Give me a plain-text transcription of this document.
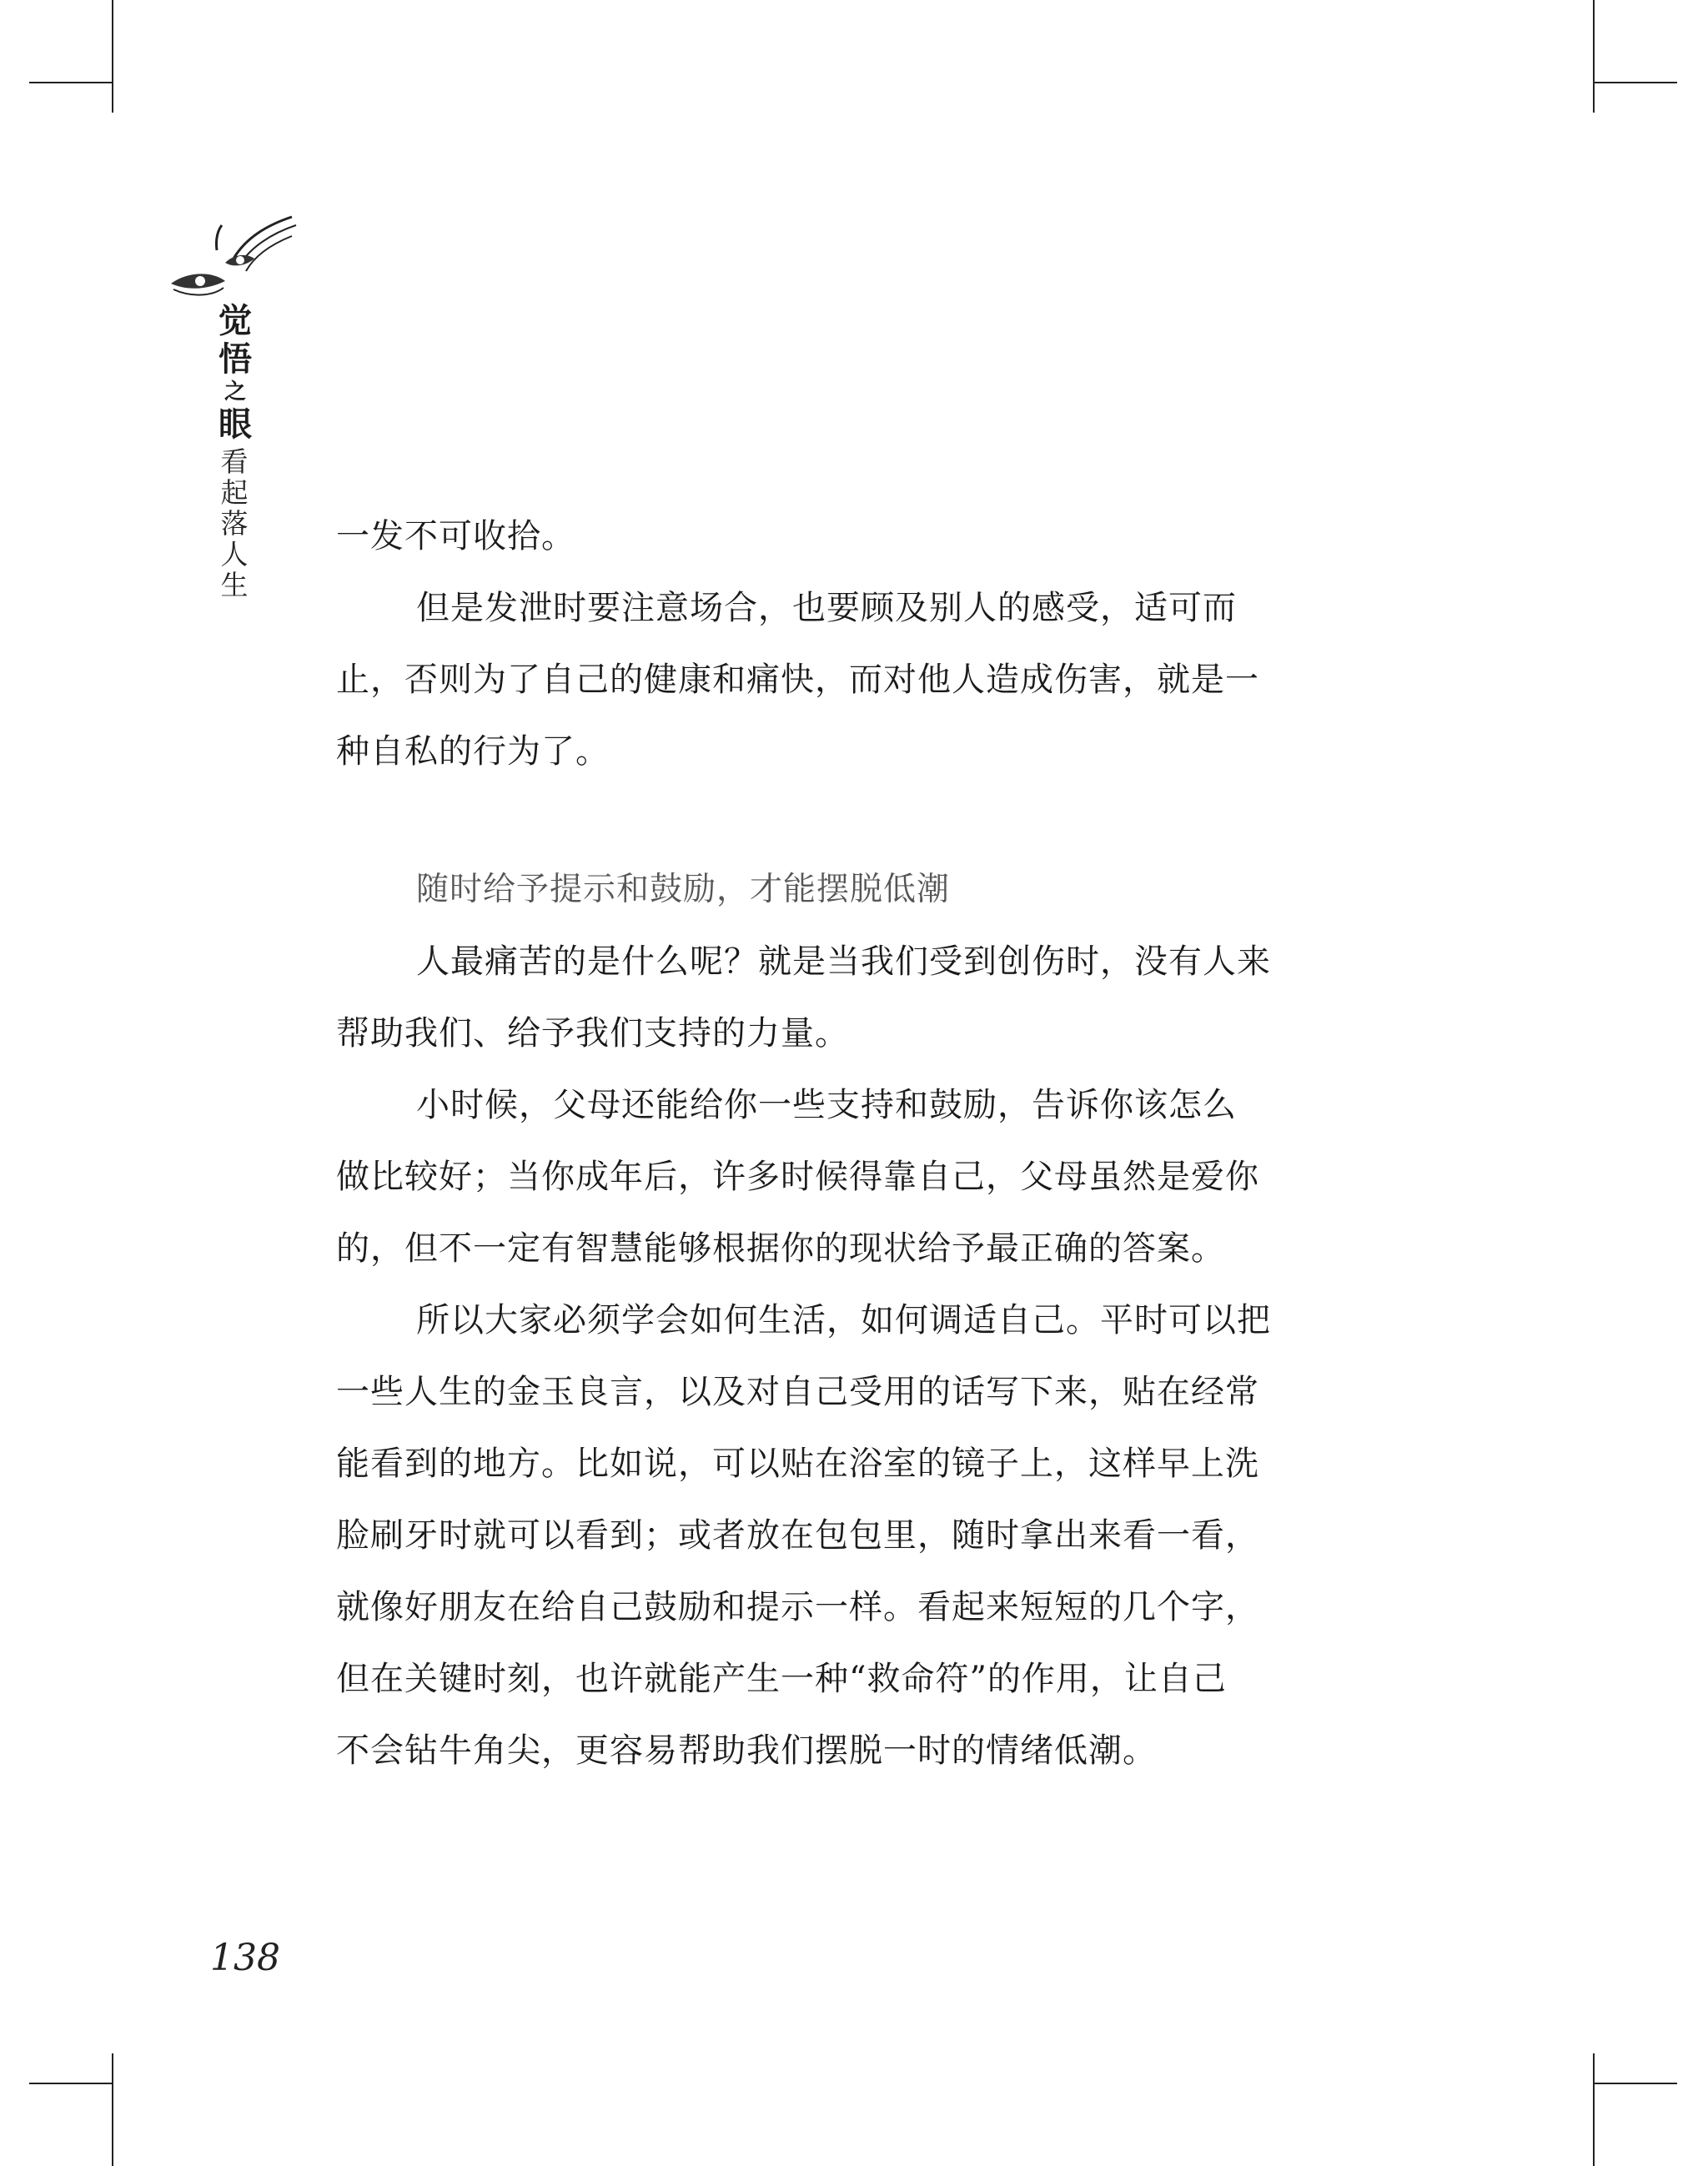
觉
悟
之
眼
看
起
落
人
生

一发不可收拾。

但是发泄时要注意场合，也要顾及别人的感受，适可而

止，否则为了自己的健康和痛快，而对他人造成伤害，就是一

种自私的行为了。

随时给予提示和鼓励，才能摆脱低潮

人最痛苦的是什么呢？就是当我们受到创伤时，没有人来

帮助我们、给予我们支持的力量。

小时候，父母还能给你一些支持和鼓励，告诉你该怎么

做比较好；当你成年后，许多时候得靠自己，父母虽然是爱你

的，但不一定有智慧能够根据你的现状给予最正确的答案。

所以大家必须学会如何生活，如何调适自己。平时可以把

一些人生的金玉良言，以及对自己受用的话写下来，贴在经常

能看到的地方。比如说，可以贴在浴室的镜子上，这样早上洗

脸刷牙时就可以看到；或者放在包包里，随时拿出来看一看，

就像好朋友在给自己鼓励和提示一样。看起来短短的几个字，

但在关键时刻，也许就能产生一种“救命符”的作用，让自己

不会钻牛角尖，更容易帮助我们摆脱一时的情绪低潮。

138
